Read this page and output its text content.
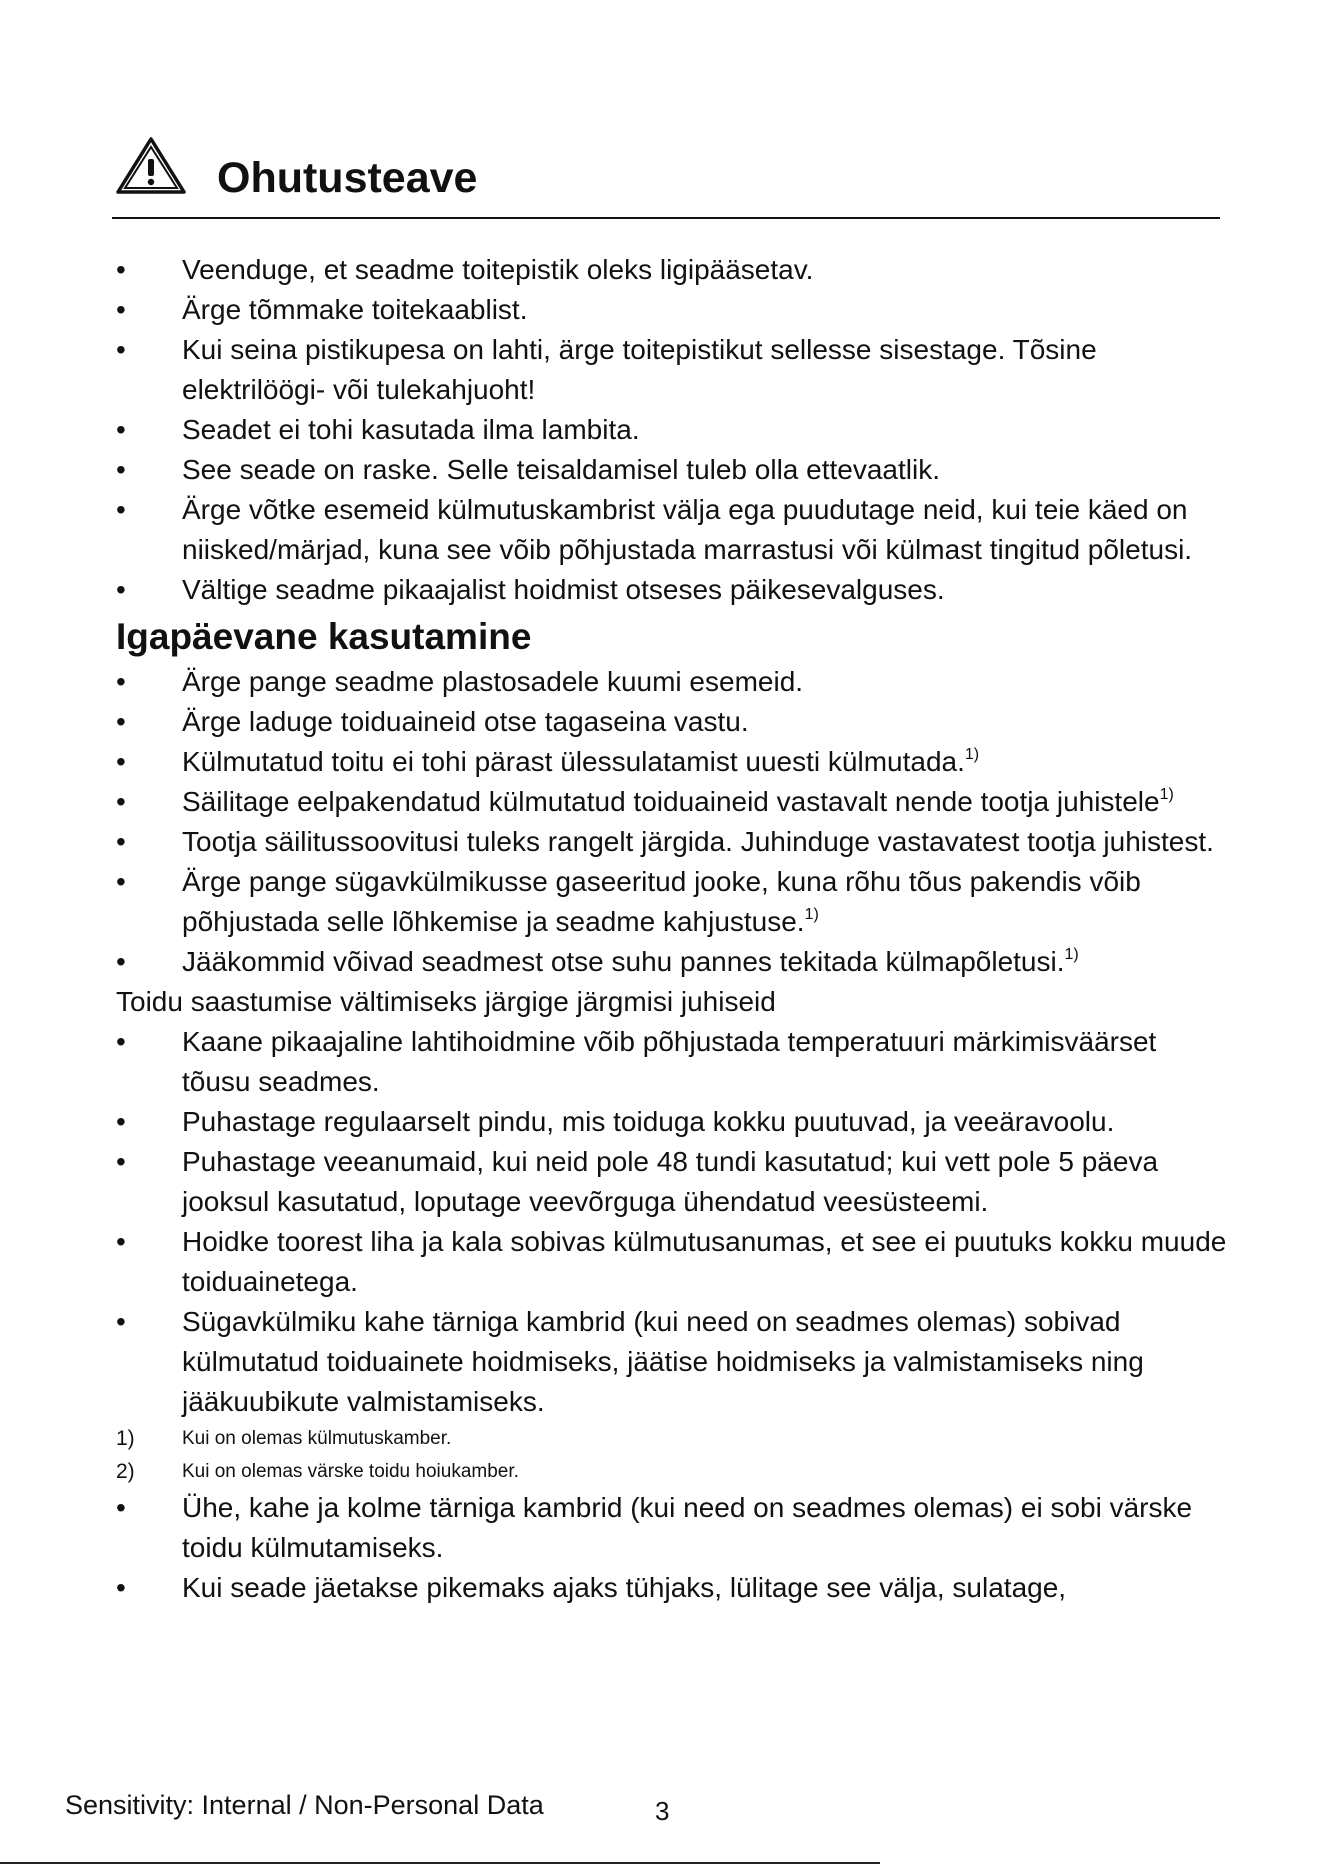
Ohutusteave
• Veenduge, et seadme toitepistik oleks ligipääsetav.
• Ärge tõmmake toitekaablist.
• Kui seina pistikupesa on lahti, ärge toitepistikut sellesse sisestage. Tõsine elektrilöögi- või tulekahjuoht!
• Seadet ei tohi kasutada ilma lambita.
• See seade on raske. Selle teisaldamisel tuleb olla ettevaatlik.
• Ärge võtke esemeid külmutuskambrist välja ega puudutage neid, kui teie käed on niisked/märjad, kuna see võib põhjustada marrastusi või külmast tingitud põletusi.
• Vältige seadme pikaajalist hoidmist otseses päikesevalguses.
Igapäevane kasutamine
• Ärge pange seadme plastosadele kuumi esemeid.
• Ärge laduge toiduaineid otse tagaseina vastu.
• Külmutatud toitu ei tohi pärast ülessulatamist uuesti külmutada.$^{1)}$
• Säilitage eelpakendatud külmutatud toiduaineid vastavalt nende tootja juhistele$^{1)}$
• Tootja säilitussoovitusi tuleks rangelt järgida. Juhinduge vastavatest tootja juhistest.
• Ärge pange sügavkülmikusse gaseeritud jooke, kuna rõhu tõus pakendis võib põhjustada selle lõhkemise ja seadme kahjustuse.$^{1)}$
• Jääkommid võivad seadmest otse suhu pannes tekitada külmapõletusi.$^{1)}$
Toidu saastumise vältimiseks järgige järgmisi juhiseid
• Kaane pikaajaline lahtihoidmine võib põhjustada temperatuuri märkimisväärset tõusu seadmes.
• Puhastage regulaarselt pindu, mis toiduga kokku puutuvad, ja veeäravoolu.
• Puhastage veeanumaid, kui neid pole 48 tundi kasutatud; kui vett pole 5 päeva jooksul kasutatud, loputage veevõrguga ühendatud veesüsteemi.
• Hoidke toorest liha ja kala sobivas külmutusanumas, et see ei puutuks kokku muude toiduainetega.
• Sügavkülmiku kahe tärniga kambrid (kui need on seadmes olemas) sobivad külmutatud toiduainete hoidmiseks, jäätise hoidmiseks ja valmistamiseks ning jääkuubikute valmistamiseks.
1) Kui on olemas külmutuskamber.
2) Kui on olemas värske toidu hoiukamber.
• Ühe, kahe ja kolme tärniga kambrid (kui need on seadmes olemas) ei sobi värske toidu külmutamiseks.
• Kui seade jäetakse pikemaks ajaks tühjaks, lülitage see välja, sulatage,
Sensitivity: Internal / Non-Personal Data	3
